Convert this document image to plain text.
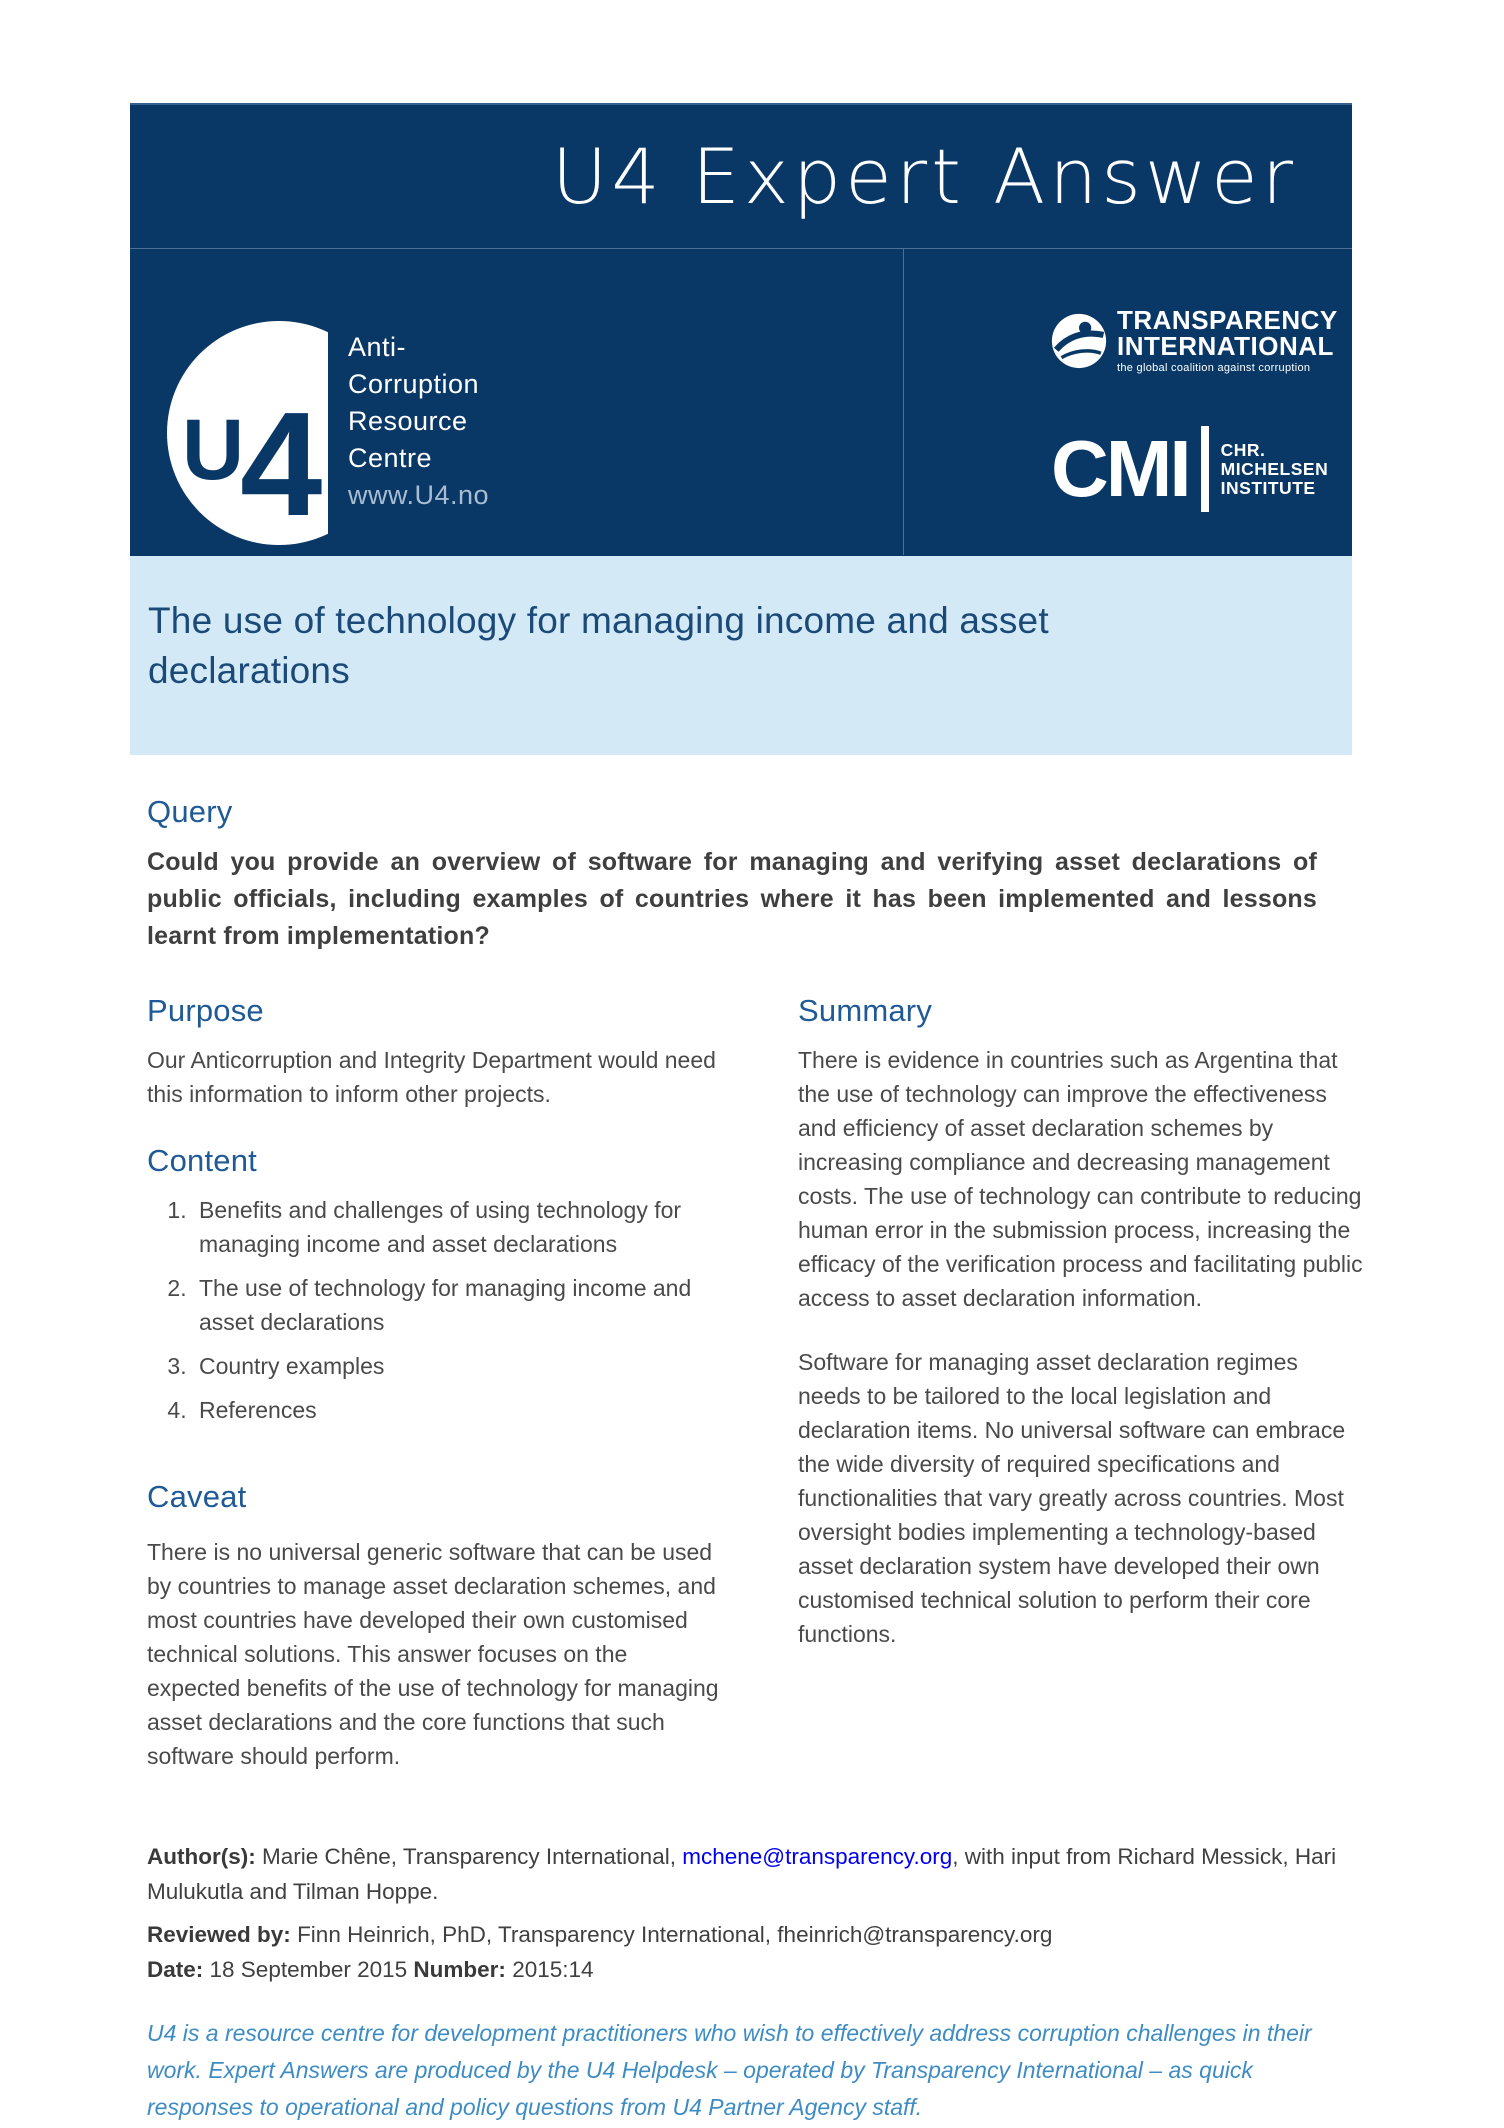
U4 Expert Answer
U
4
Anti-
Corruption
Resource
Centre
www.U4.no
TRANSPARENCY
INTERNATIONAL
the global coalition against corruption
CMI CHR.
MICHELSEN
INSTITUTE
The use of technology for managing income and asset declarations
Query

Could you provide an overview of software for managing and verifying asset declarations of public officials, including examples of countries where it has been implemented and lessons learnt from implementation?

Purpose

Our Anticorruption and Integrity Department would need this information to inform other projects.

Content
1. Benefits and challenges of using technology for managing income and asset declarations
2. The use of technology for managing income and asset declarations
3. Country examples
4. References
Caveat

There is no universal generic software that can be used by countries to manage asset declaration schemes, and most countries have developed their own customised technical solutions. This answer focuses on the expected benefits of the use of technology for managing asset declarations and the core functions that such software should perform.

Summary

There is evidence in countries such as Argentina that the use of technology can improve the effectiveness and efficiency of asset declaration schemes by increasing compliance and decreasing management costs. The use of technology can contribute to reducing human error in the submission process, increasing the efficacy of the verification process and facilitating public access to asset declaration information.

Software for managing asset declaration regimes needs to be tailored to the local legislation and declaration items. No universal software can embrace the wide diversity of required specifications and functionalities that vary greatly across countries. Most oversight bodies implementing a technology-based asset declaration system have developed their own customised technical solution to perform their core functions.

Author(s): Marie Chêne, Transparency International, mchene@transparency.org, with input from Richard Messick, Hari Mulukutla and Tilman Hoppe.
Reviewed by: Finn Heinrich, PhD, Transparency International, fheinrich@transparency.org
Date: 18 September 2015 Number: 2015:14

U4 is a resource centre for development practitioners who wish to effectively address corruption challenges in their work. Expert Answers are produced by the U4 Helpdesk – operated by Transparency International – as quick responses to operational and policy questions from U4 Partner Agency staff.
